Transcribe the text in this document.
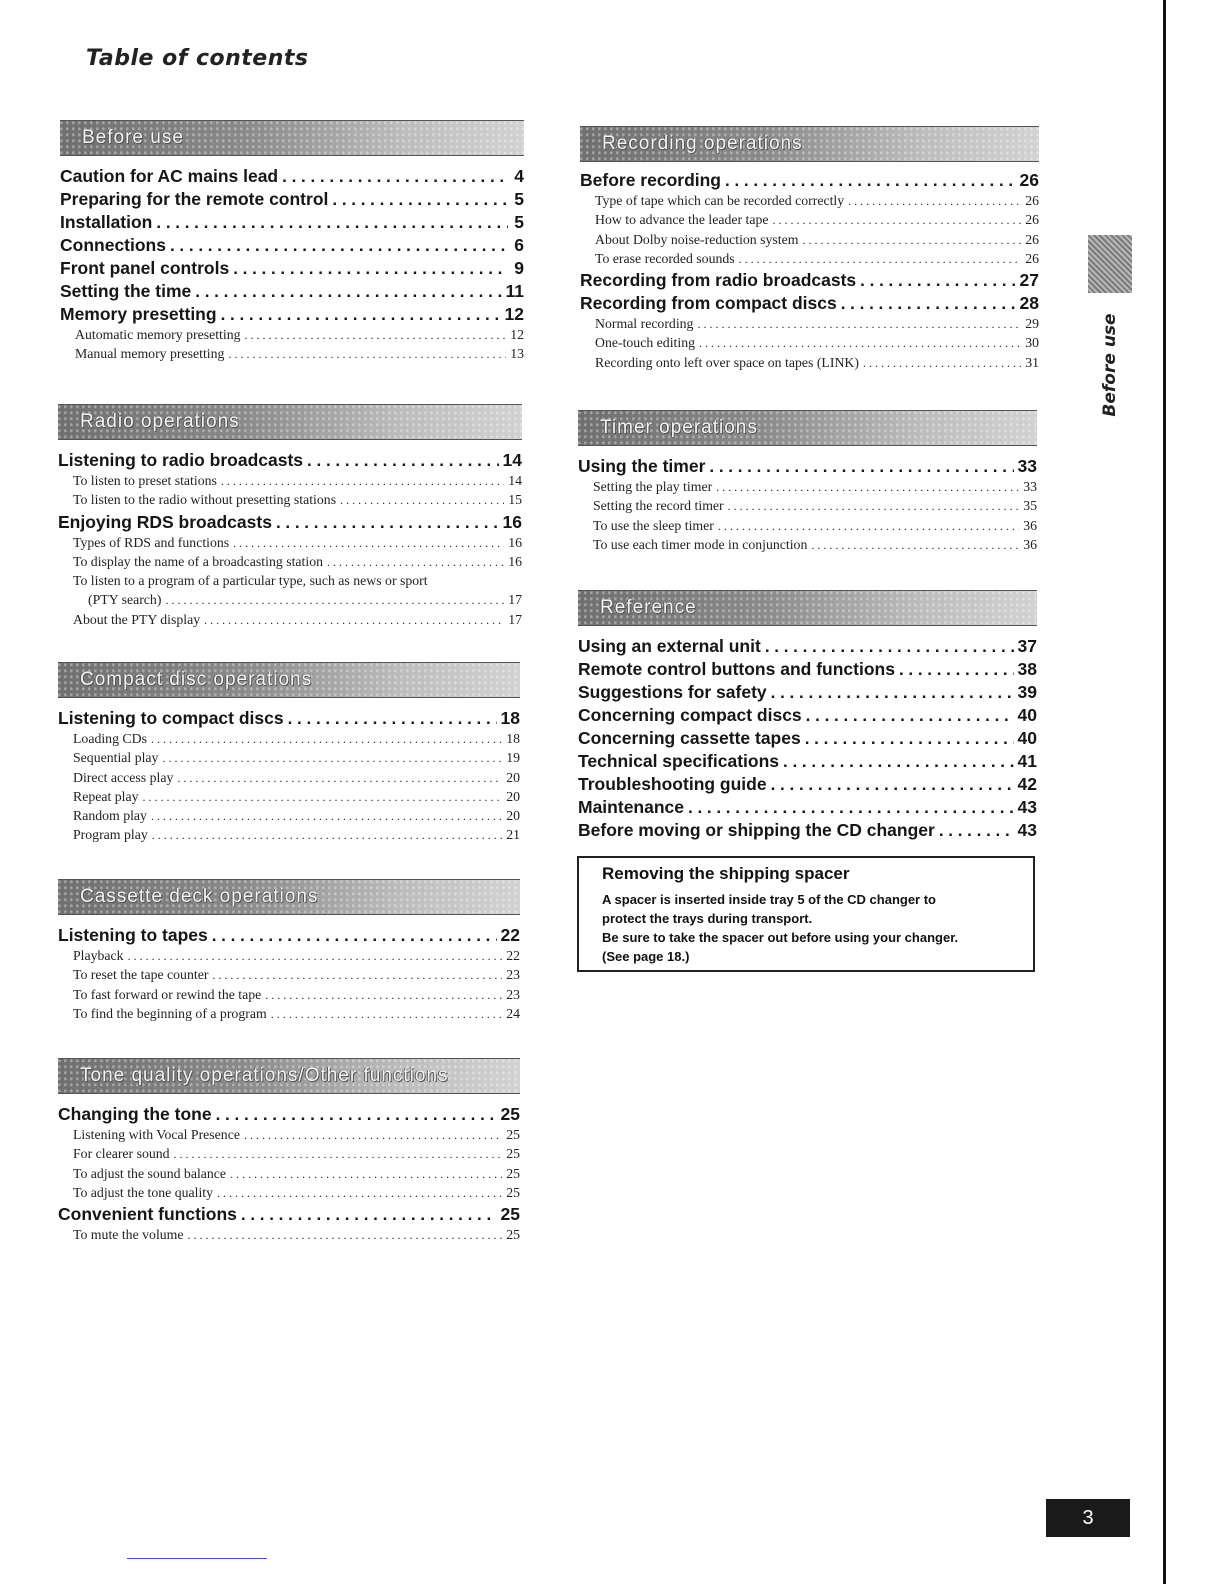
Table of contents
Before use
Before use
Caution for AC mains lead . . .	4
Preparing for the remote control . . .	5
Installation . . .	5
Connections . . .	6
Front panel controls . . .	9
Setting the time . . .	11
Memory presetting . . .	12
Automatic memory presetting . . .	12
Manual memory presetting . . .	13
Radio operations
Listening to radio broadcasts . . .	14
To listen to preset stations . . .	14
To listen to the radio without presetting stations . . .	15
Enjoying RDS broadcasts . . .	16
Types of RDS and functions . . .	16
To display the name of a broadcasting station . . .	16
To listen to a program of a particular type, such as news or sport
(PTY search) . . .	17
About the PTY display . . .	17
Compact disc operations
Listening to compact discs . . .	18
Loading CDs . . .	18
Sequential play . . .	19
Direct access play . . .	20
Repeat play . . .	20
Random play . . .	20
Program play . . .	21
Cassette deck operations
Listening to tapes . . .	22
Playback . . .	22
To reset the tape counter . . .	23
To fast forward or rewind the tape . . .	23
To find the beginning of a program . . .	24
Tone quality operations/Other functions
Changing the tone . . .	25
Listening with Vocal Presence . . .	25
For clearer sound . . .	25
To adjust the sound balance . . .	25
To adjust the tone quality . . .	25
Convenient functions . . .	25
To mute the volume . . .	25
Recording operations
Before recording . . .	26
Type of tape which can be recorded correctly . . .	26
How to advance the leader tape . . .	26
About Dolby noise-reduction system . . .	26
To erase recorded sounds . . .	26
Recording from radio broadcasts . . .	27
Recording from compact discs . . .	28
Normal recording . . .	29
One-touch editing . . .	30
Recording onto left over space on tapes (LINK) . . .	31
Timer operations
Using the timer . . .	33
Setting the play timer . . .	33
Setting the record timer . . .	35
To use the sleep timer . . .	36
To use each timer mode in conjunction . . .	36
Reference
Using an external unit . . .	37
Remote control buttons and functions . . .	38
Suggestions for safety . . .	39
Concerning compact discs . . .	40
Concerning cassette tapes . . .	40
Technical specifications . . .	41
Troubleshooting guide . . .	42
Maintenance . . .	43
Before moving or shipping the CD changer . . .	43
Removing the shipping spacer
A spacer is inserted inside tray 5 of the CD changer to
protect the trays during transport.
Be sure to take the spacer out before using your changer.
(See page 18.)
3
